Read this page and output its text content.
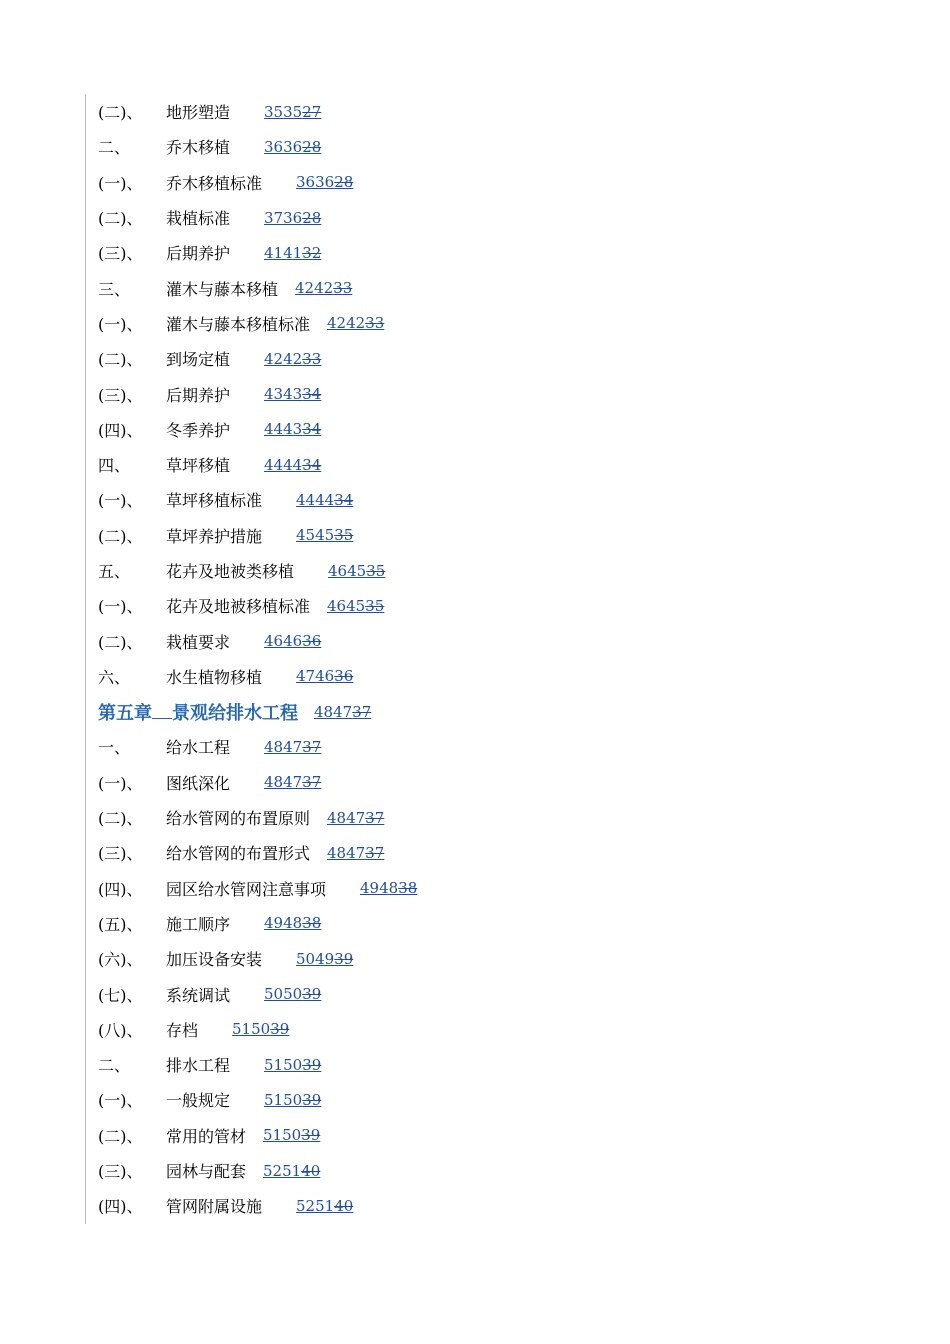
(二)、	地形塑造 353527
二、	乔木移植 363628
(一)、	乔木移植标准 363628
(二)、	栽植标准 373628
(三)、	后期养护 414132
三、	灌木与藤本移植 424233
(一)、	灌木与藤本移植标准 424233
(二)、	到场定植 424233
(三)、	后期养护 434334
(四)、	冬季养护 444334
四、	草坪移植 444434
(一)、	草坪移植标准 444434
(二)、	草坪养护措施 454535
五、	花卉及地被类移植 464535
(一)、	花卉及地被移植标准 464535
(二)、	栽植要求 464636
六、	水生植物移植 474636
第五章 景观给排水工程 484737
一、	给水工程 484737
(一)、	图纸深化 484737
(二)、	给水管网的布置原则 484737
(三)、	给水管网的布置形式 484737
(四)、	园区给水管网注意事项 494838
(五)、	施工顺序 494838
(六)、	加压设备安装 504939
(七)、	系统调试 505039
(八)、	存档 515039
二、	排水工程 515039
(一)、	一般规定 515039
(二)、	常用的管材 515039
(三)、	园林与配套 525140
(四)、	管网附属设施 525140
